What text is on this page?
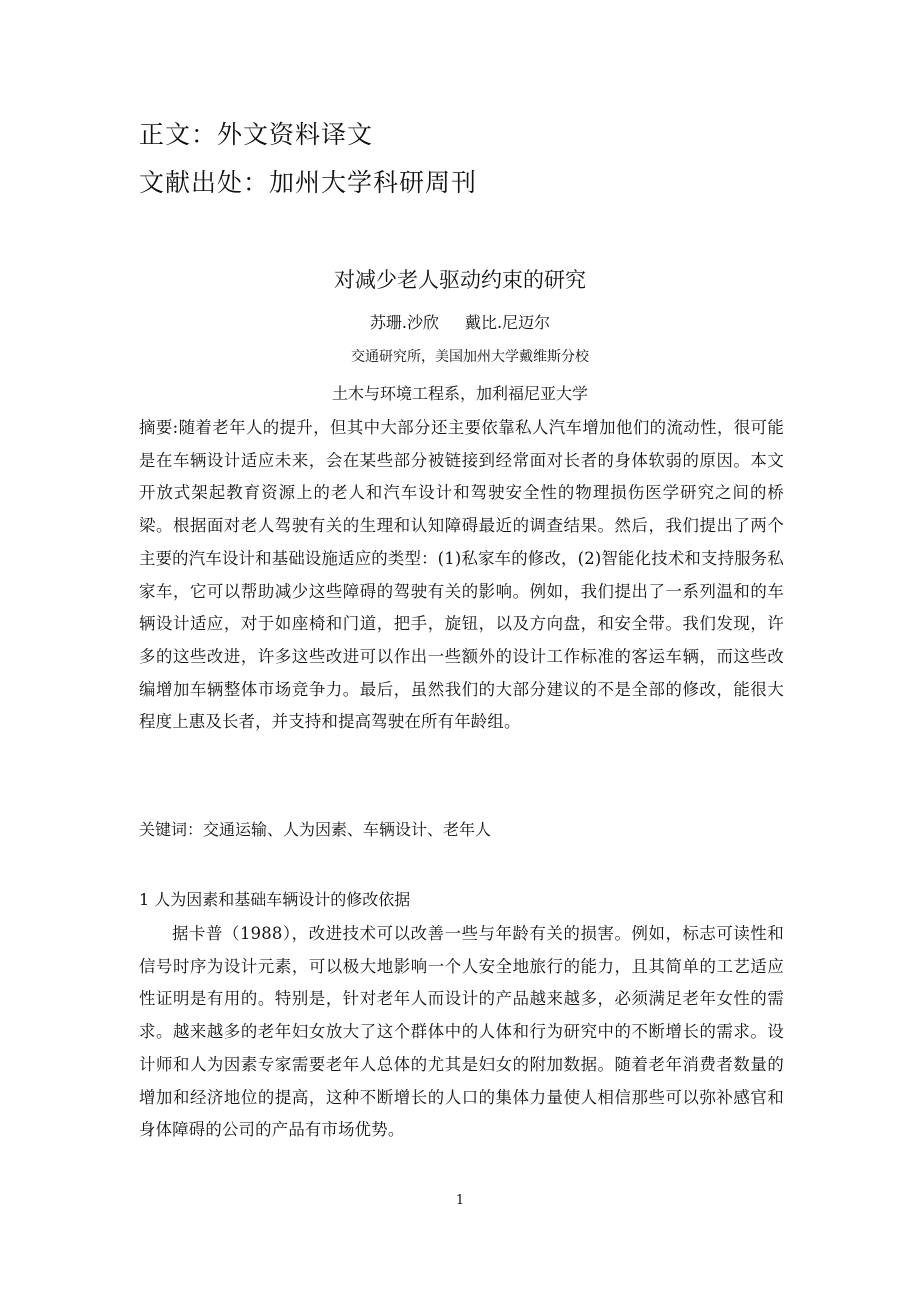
正文：外文资料译文
文献出处：加州大学科研周刊
对减少老人驱动约束的研究
苏珊.沙欣 戴比.尼迈尔
交通研究所，美国加州大学戴维斯分校
土木与环境工程系，加利福尼亚大学
摘要:随着老年人的提升，但其中大部分还主要依靠私人汽车增加他们的流动性，很可能是在车辆设计适应未来，会在某些部分被链接到经常面对长者的身体软弱的原因。本文开放式架起教育资源上的老人和汽车设计和驾驶安全性的物理损伤医学研究之间的桥梁。根据面对老人驾驶有关的生理和认知障碍最近的调查结果。然后，我们提出了两个主要的汽车设计和基础设施适应的类型：(1)私家车的修改，(2)智能化技术和支持服务私家车，它可以帮助减少这些障碍的驾驶有关的影响。例如，我们提出了一系列温和的车辆设计适应，对于如座椅和门道，把手，旋钮，以及方向盘，和安全带。我们发现，许多的这些改进，许多这些改进可以作出一些额外的设计工作标准的客运车辆，而这些改编增加车辆整体市场竞争力。最后，虽然我们的大部分建议的不是全部的修改，能很大程度上惠及长者，并支持和提高驾驶在所有年龄组。
关键词：交通运输、人为因素、车辆设计、老年人
1 人为因素和基础车辆设计的修改依据
据卡普（1988），改进技术可以改善一些与年龄有关的损害。例如，标志可读性和信号时序为设计元素，可以极大地影响一个人安全地旅行的能力，且其简单的工艺适应性证明是有用的。特别是，针对老年人而设计的产品越来越多，必须满足老年女性的需求。越来越多的老年妇女放大了这个群体中的人体和行为研究中的不断增长的需求。设计师和人为因素专家需要老年人总体的尤其是妇女的附加数据。随着老年消费者数量的增加和经济地位的提高，这种不断增长的人口的集体力量使人相信那些可以弥补感官和身体障碍的公司的产品有市场优势。
1
